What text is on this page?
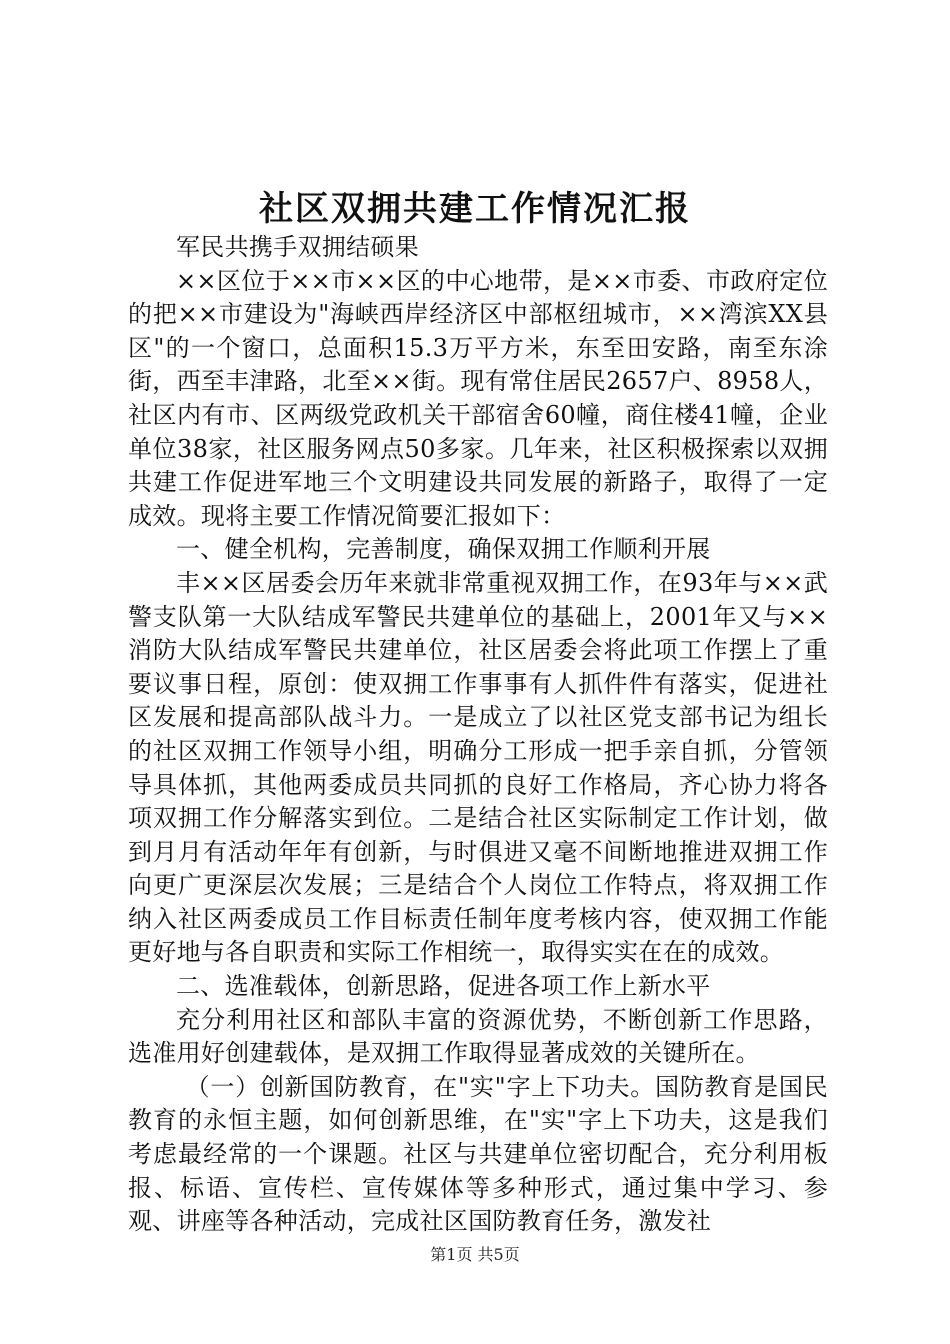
社区双拥共建工作情况汇报

军民共携手双拥结硕果

××区位于××市××区的中心地带，是××市委、市政府定位的把××市建设为"海峡西岸经济区中部枢纽城市，××湾滨XX县区"的一个窗口，总面积15.3万平方米，东至田安路，南至东涂街，西至丰津路，北至××街。现有常住居民2657户、8958人，社区内有市、区两级党政机关干部宿舍60幢，商住楼41幢，企业单位38家，社区服务网点50多家。几年来，社区积极探索以双拥共建工作促进军地三个文明建设共同发展的新路子，取得了一定成效。现将主要工作情况简要汇报如下：

一、健全机构，完善制度，确保双拥工作顺利开展

丰××区居委会历年来就非常重视双拥工作，在93年与××武警支队第一大队结成军警民共建单位的基础上，2001年又与××消防大队结成军警民共建单位，社区居委会将此项工作摆上了重要议事日程，原创：使双拥工作事事有人抓件件有落实，促进社区发展和提高部队战斗力。一是成立了以社区党支部书记为组长的社区双拥工作领导小组，明确分工形成一把手亲自抓，分管领导具体抓，其他两委成员共同抓的良好工作格局，齐心协力将各项双拥工作分解落实到位。二是结合社区实际制定工作计划，做到月月有活动年年有创新，与时俱进又毫不间断地推进双拥工作向更广更深层次发展；三是结合个人岗位工作特点，将双拥工作纳入社区两委成员工作目标责任制年度考核内容，使双拥工作能更好地与各自职责和实际工作相统一，取得实实在在的成效。

二、选准载体，创新思路，促进各项工作上新水平

充分利用社区和部队丰富的资源优势，不断创新工作思路，选准用好创建载体，是双拥工作取得显著成效的关键所在。

（一）创新国防教育，在"实"字上下功夫。国防教育是国民教育的永恒主题，如何创新思维，在"实"字上下功夫，这是我们考虑最经常的一个课题。社区与共建单位密切配合，充分利用板报、标语、宣传栏、宣传媒体等多种形式，通过集中学习、参观、讲座等各种活动，完成社区国防教育任务，激发社

第1页 共5页
